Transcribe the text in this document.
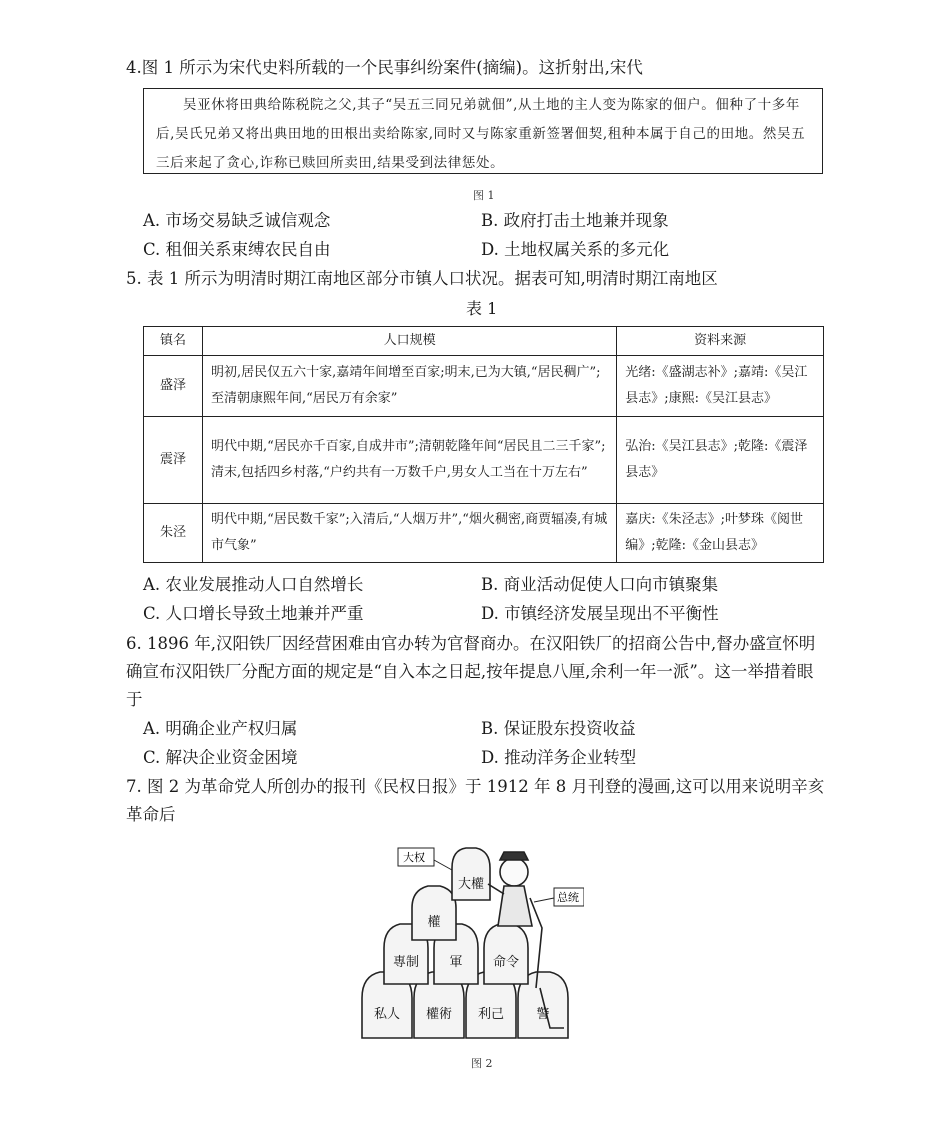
4.图 1 所示为宋代史料所载的一个民事纠纷案件(摘编)。这折射出,宋代

吴亚休将田典给陈税院之父,其子“吴五三同兄弟就佃”,从土地的主人变为陈家的佃户。佃种了十多年后,吴氏兄弟又将出典田地的田根出卖给陈家,同时又与陈家重新签署佃契,租种本属于自己的田地。然吴五三后来起了贪心,诈称已赎回所卖田,结果受到法律惩处。

图 1
A. 市场交易缺乏诚信观念	B. 政府打击土地兼并现象
C. 租佃关系束缚农民自由	D. 土地权属关系的多元化

5. 表 1 所示为明清时期江南地区部分市镇人口状况。据表可知,明清时期江南地区

表 1
镇名	人口规模	资料来源
盛泽	明初,居民仅五六十家,嘉靖年间增至百家;明末,已为大镇,“居民稠广”;至清朝康熙年间,“居民万有余家”	光绪:《盛湖志补》;嘉靖:《吴江县志》;康熙:《吴江县志》
震泽	明代中期,“居民亦千百家,自成井市”;清朝乾隆年间“居民且二三千家”;清末,包括四乡村落,“户约共有一万数千户,男女人工当在十万左右”	弘治:《吴江县志》;乾隆:《震泽县志》
朱泾	明代中期,“居民数千家”;入清后,“人烟万井”,“烟火稠密,商贾辐凑,有城市气象”	嘉庆:《朱泾志》;叶梦珠《阅世编》;乾隆:《金山县志》
A. 农业发展推动人口自然增长	B. 商业活动促使人口向市镇聚集
C. 人口增长导致土地兼并严重	D. 市镇经济发展呈现出不平衡性

6. 1896 年,汉阳铁厂因经营困难由官办转为官督商办。在汉阳铁厂的招商公告中,督办盛宣怀明确宣布汉阳铁厂分配方面的规定是“自入本之日起,按年提息八厘,余利一年一派”。这一举措着眼于

A. 明确企业产权归属	B. 保证股东投资收益
C. 解决企业资金困境	D. 推动洋务企业转型

7. 图 2 为革命党人所创办的报刊《民权日报》于 1912 年 8 月刊登的漫画,这可以用来说明辛亥革命后

大权
总统
大權
權
專制 軍 命令
私人 權術 利己 警
图 2
